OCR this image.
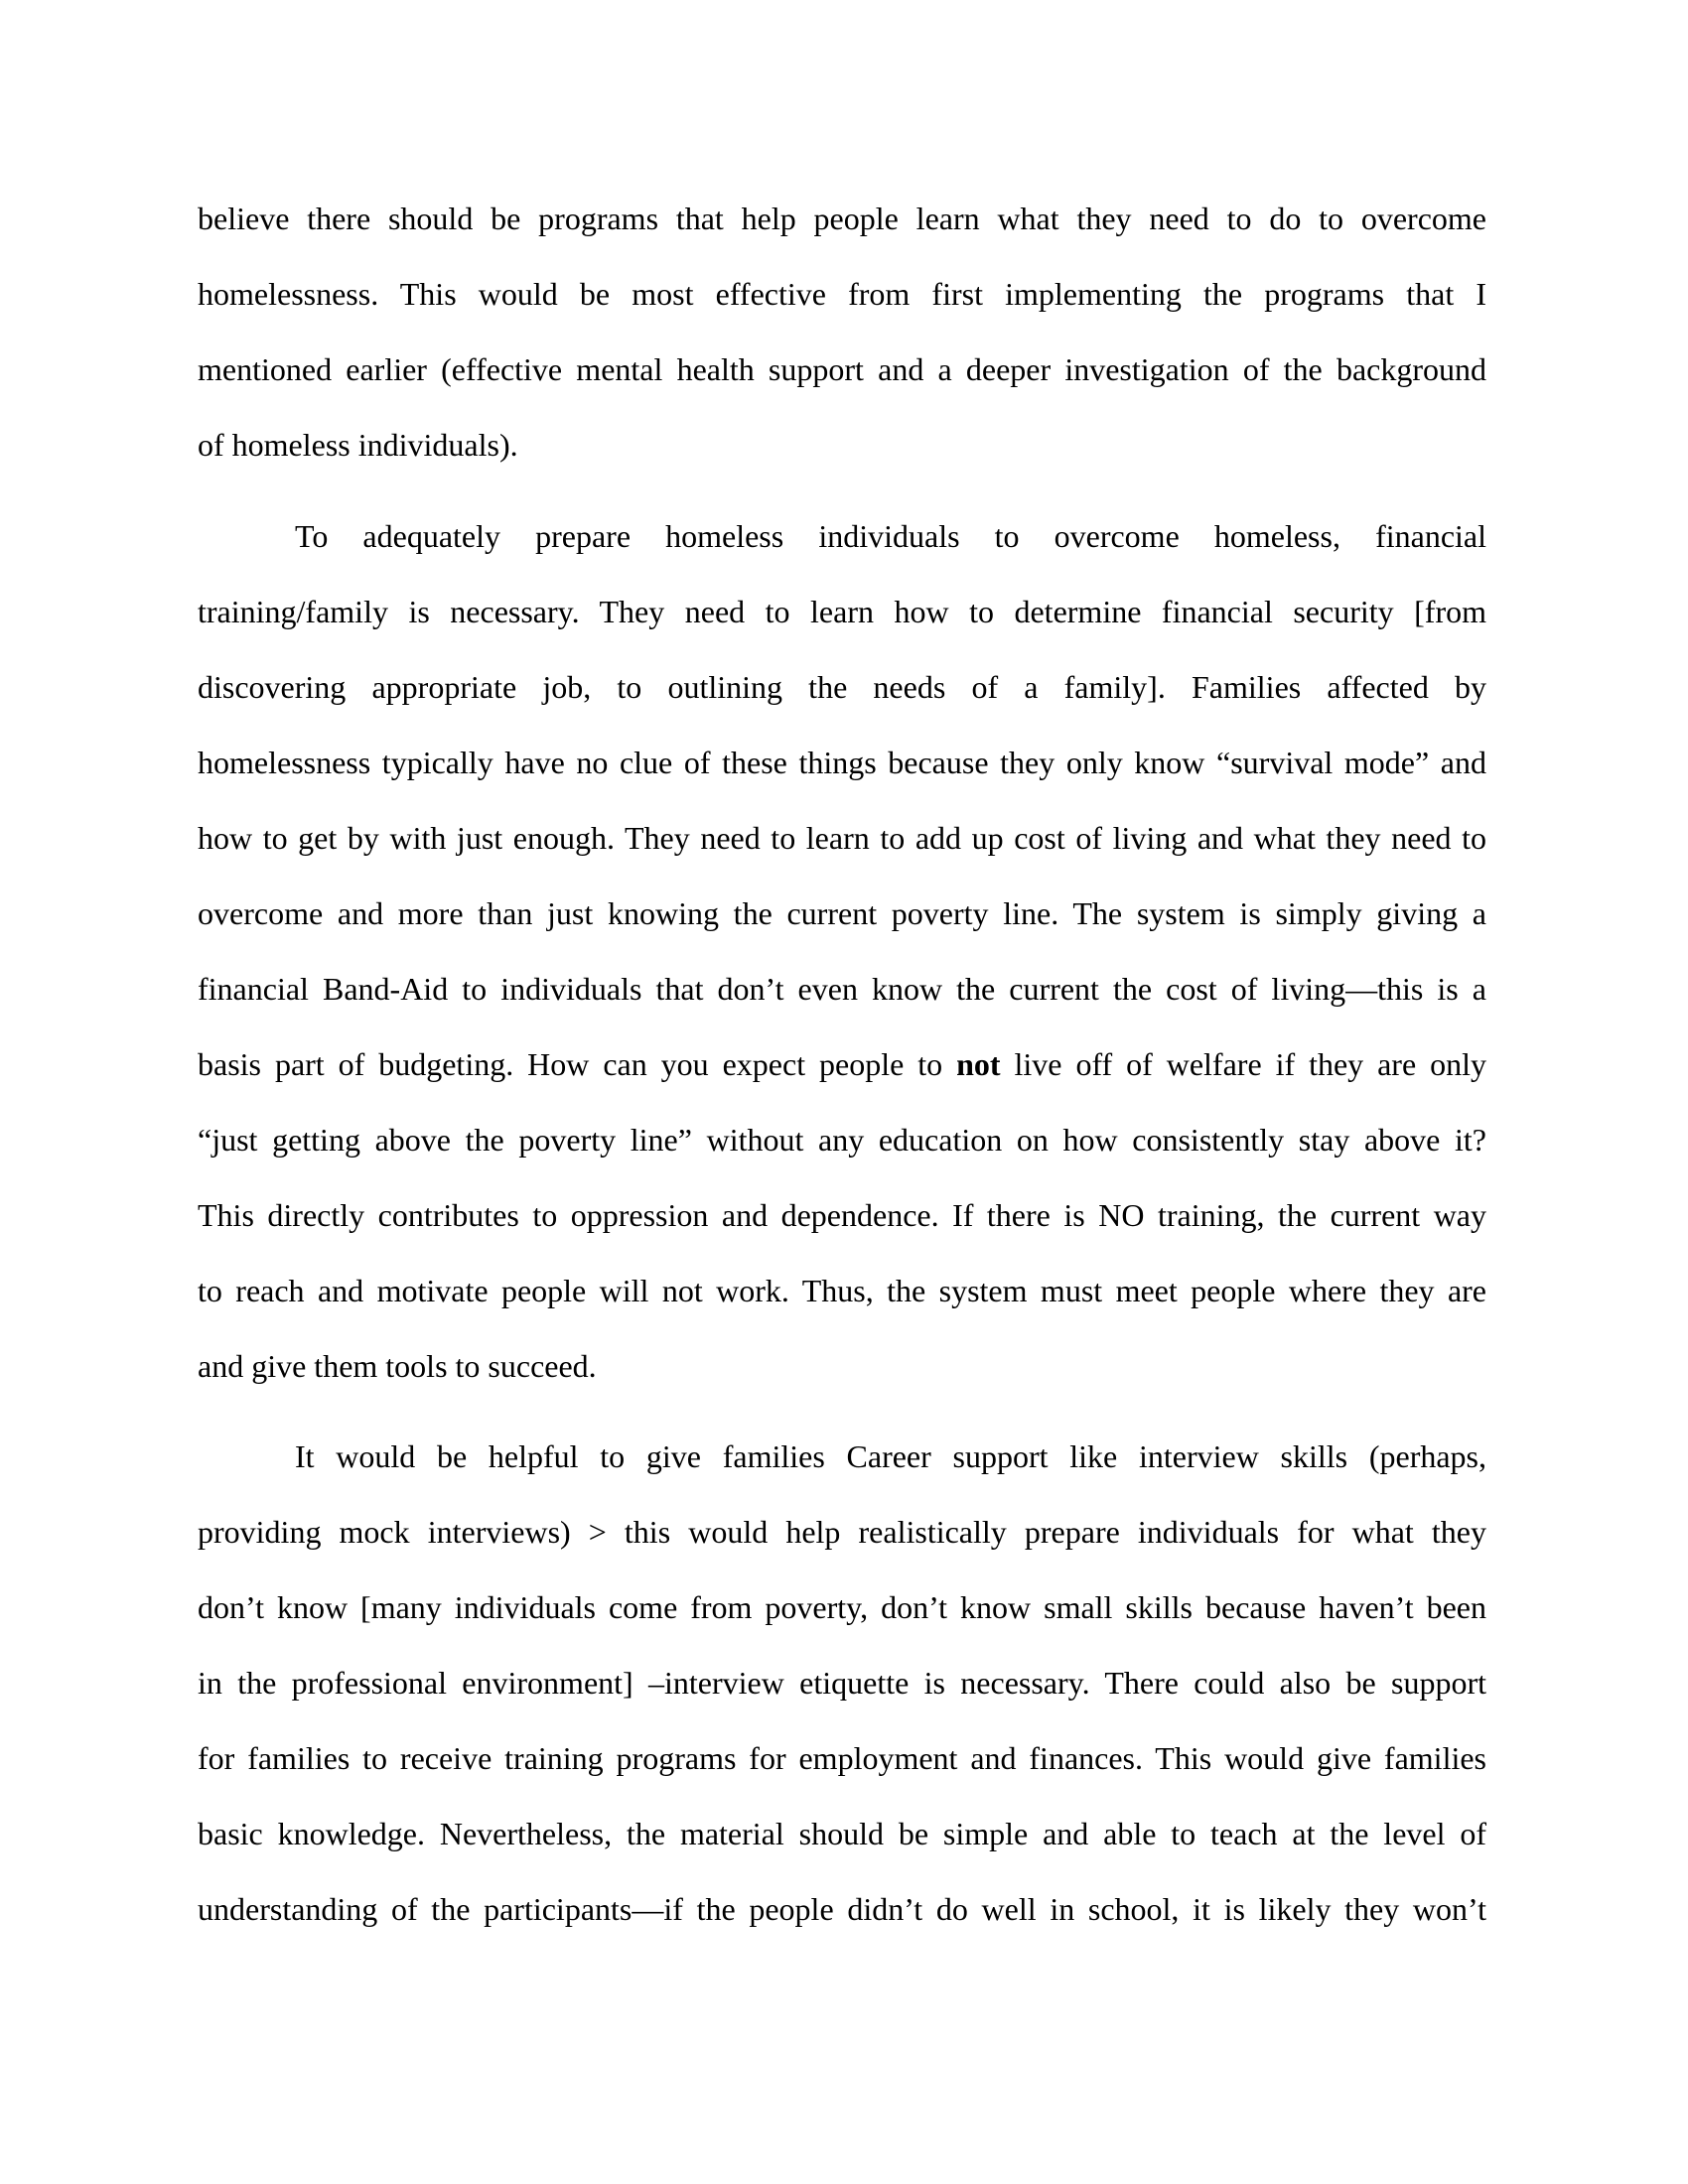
believe there should be programs that help people learn what they need to do to overcome
homelessness. This would be most effective from first implementing the programs that I
mentioned earlier (effective mental health support and a deeper investigation of the background
of homeless individuals).
To adequately prepare homeless individuals to overcome homeless, financial
training/family is necessary. They need to learn how to determine financial security [from
discovering appropriate job, to outlining the needs of a family]. Families affected by
homelessness typically have no clue of these things because they only know “survival mode” and
how to get by with just enough. They need to learn to add up cost of living and what they need to
overcome and more than just knowing the current poverty line. The system is simply giving a
financial Band-Aid to individuals that don’t even know the current the cost of living—this is a
basis part of budgeting. How can you expect people to not live off of welfare if they are only
“just getting above the poverty line” without any education on how consistently stay above it?
This directly contributes to oppression and dependence. If there is NO training, the current way
to reach and motivate people will not work. Thus, the system must meet people where they are
and give them tools to succeed.
It would be helpful to give families Career support like interview skills (perhaps,
providing mock interviews) > this would help realistically prepare individuals for what they
don’t know [many individuals come from poverty, don’t know small skills because haven’t been
in the professional environment] –interview etiquette is necessary. There could also be support
for families to receive training programs for employment and finances. This would give families
basic knowledge. Nevertheless, the material should be simple and able to teach at the level of
understanding of the participants—if the people didn’t do well in school, it is likely they won’t
